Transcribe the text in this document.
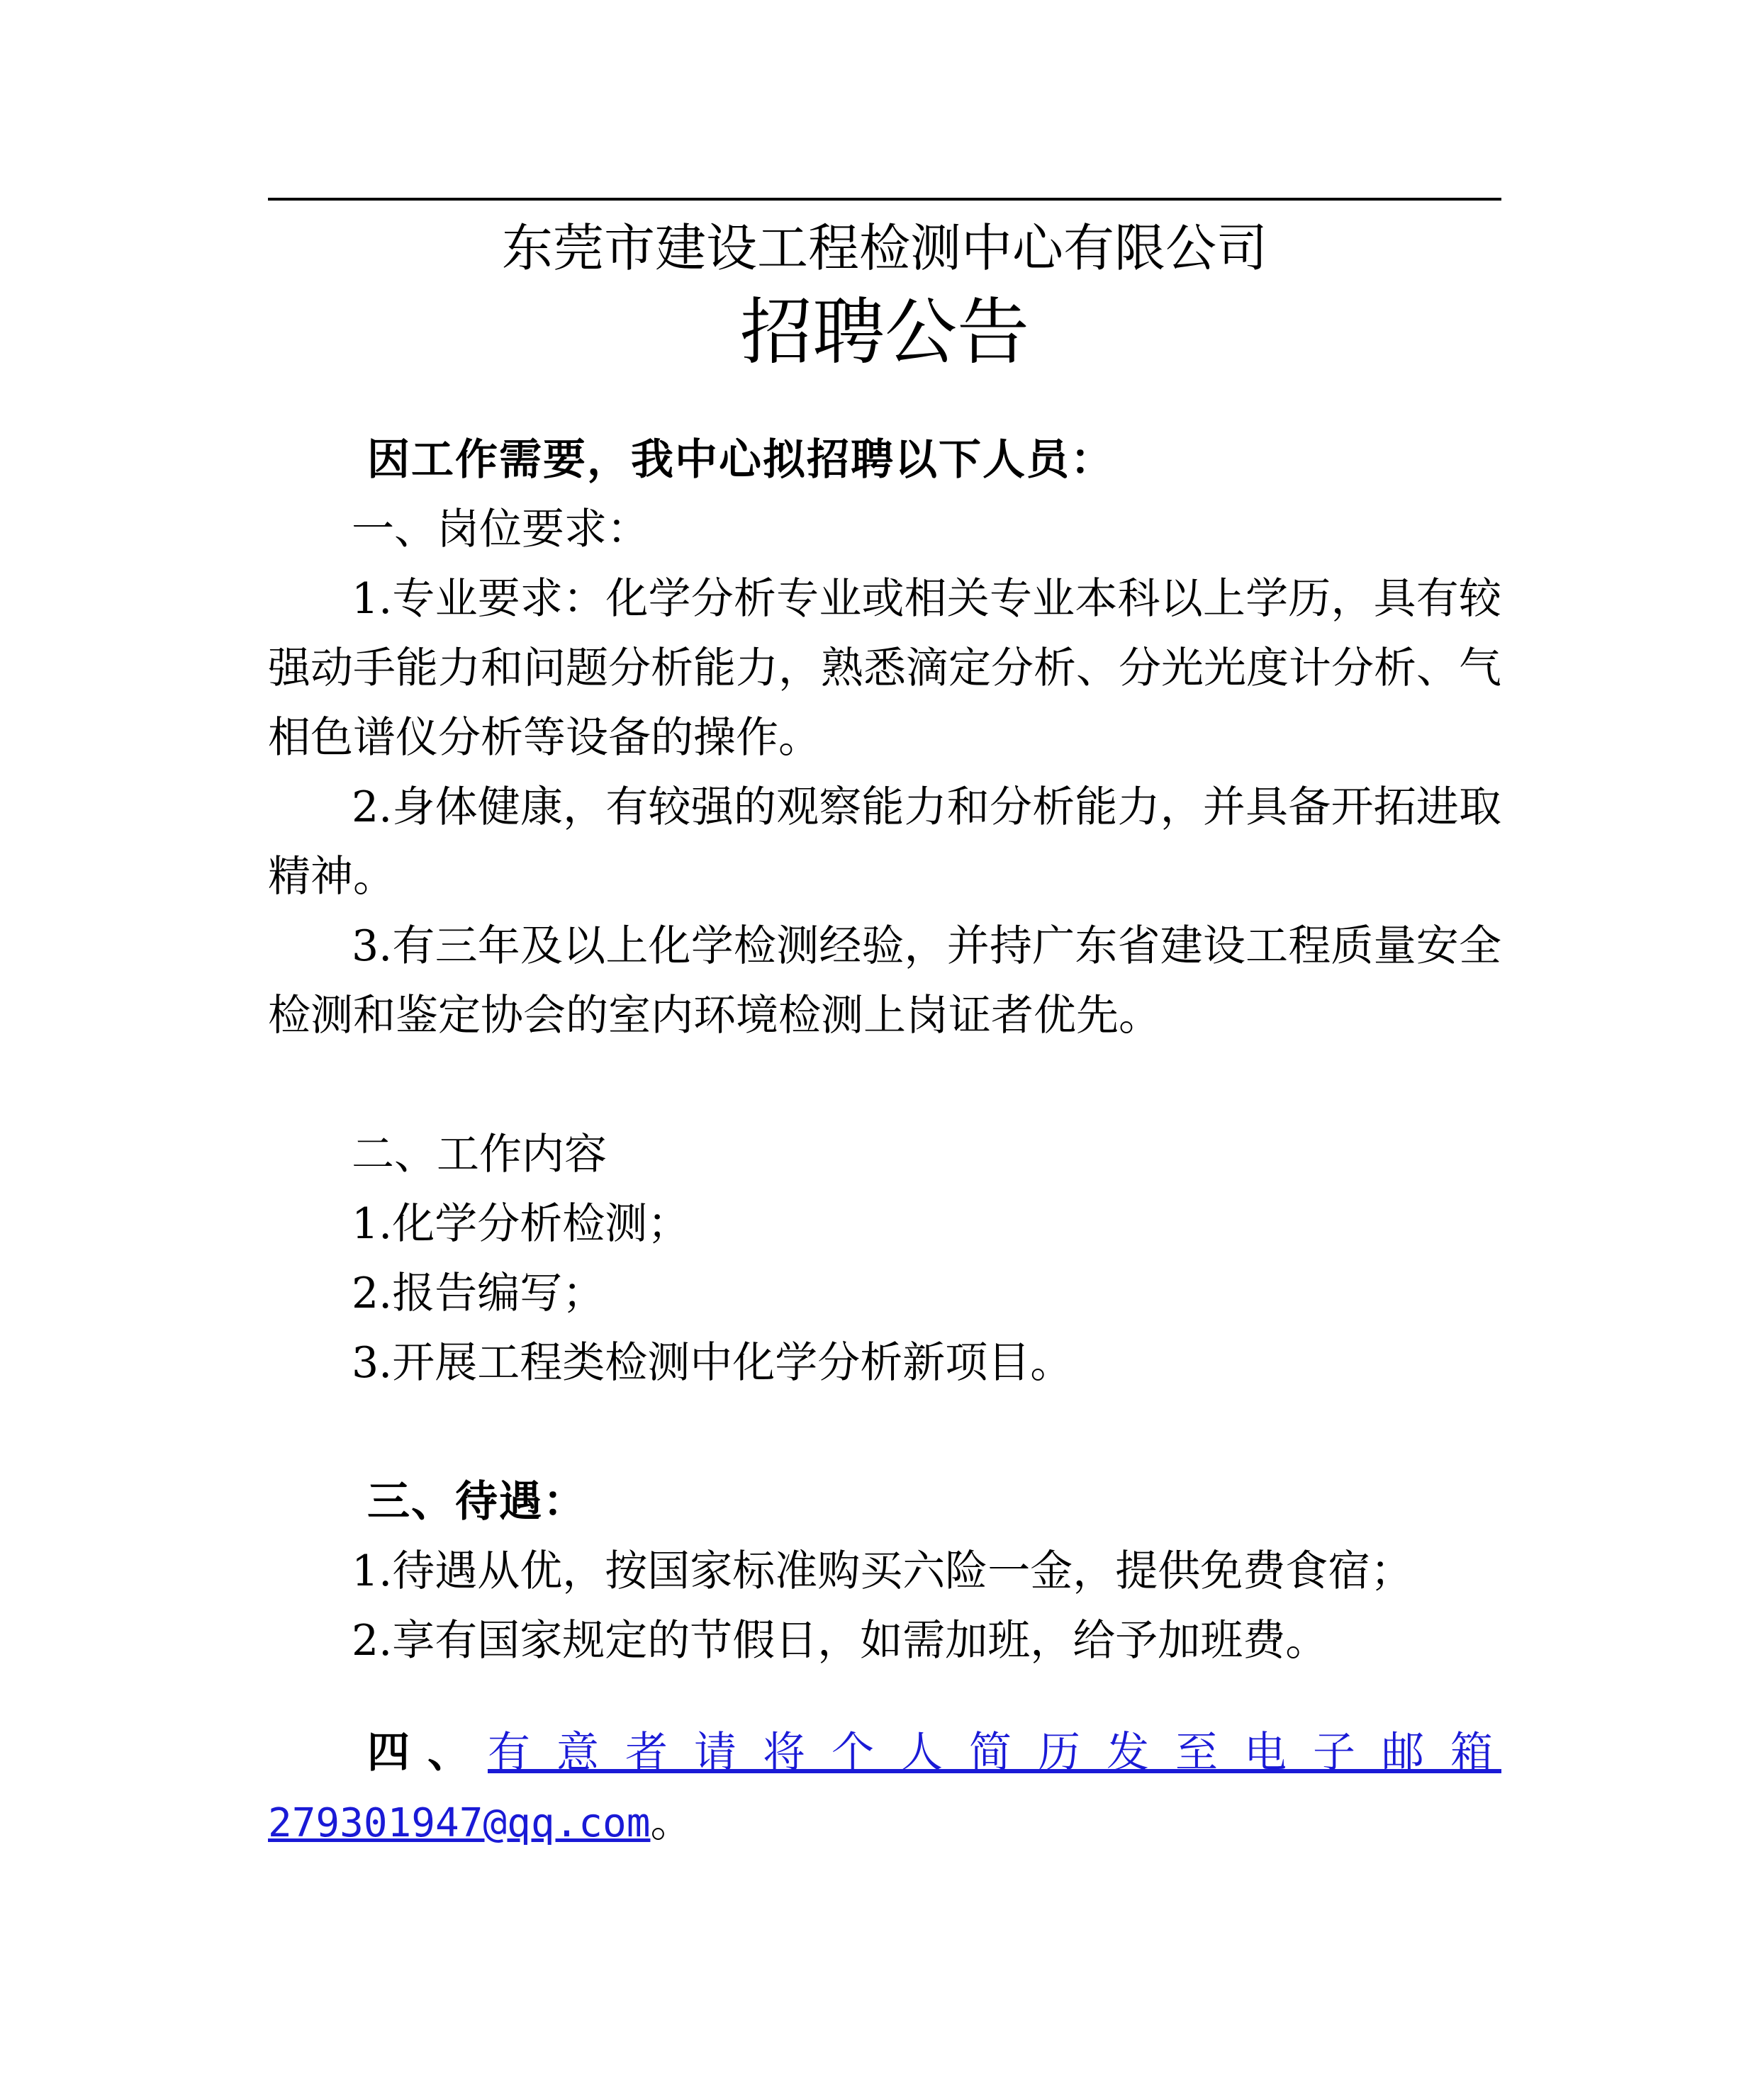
东莞市建设工程检测中心有限公司
招聘公告

因工作需要，我中心拟招聘以下人员：

一、岗位要求：

1.专业要求：化学分析专业或相关专业本科以上学历，具有较强动手能力和问题分析能力，熟悉滴定分析、分光光度计分析、气相色谱仪分析等设备的操作。

2.身体健康，有较强的观察能力和分析能力，并具备开拓进取精神。

3.有三年及以上化学检测经验，并持广东省建设工程质量安全检测和鉴定协会的室内环境检测上岗证者优先。

二、工作内容

1.化学分析检测；

2.报告编写；

3.开展工程类检测中化学分析新项目。

三、待遇：

1.待遇从优，按国家标准购买六险一金，提供免费食宿；

2.享有国家规定的节假日，如需加班，给予加班费。

四、有意者请将个人简历发至电子邮箱

279301947@qq.com。
